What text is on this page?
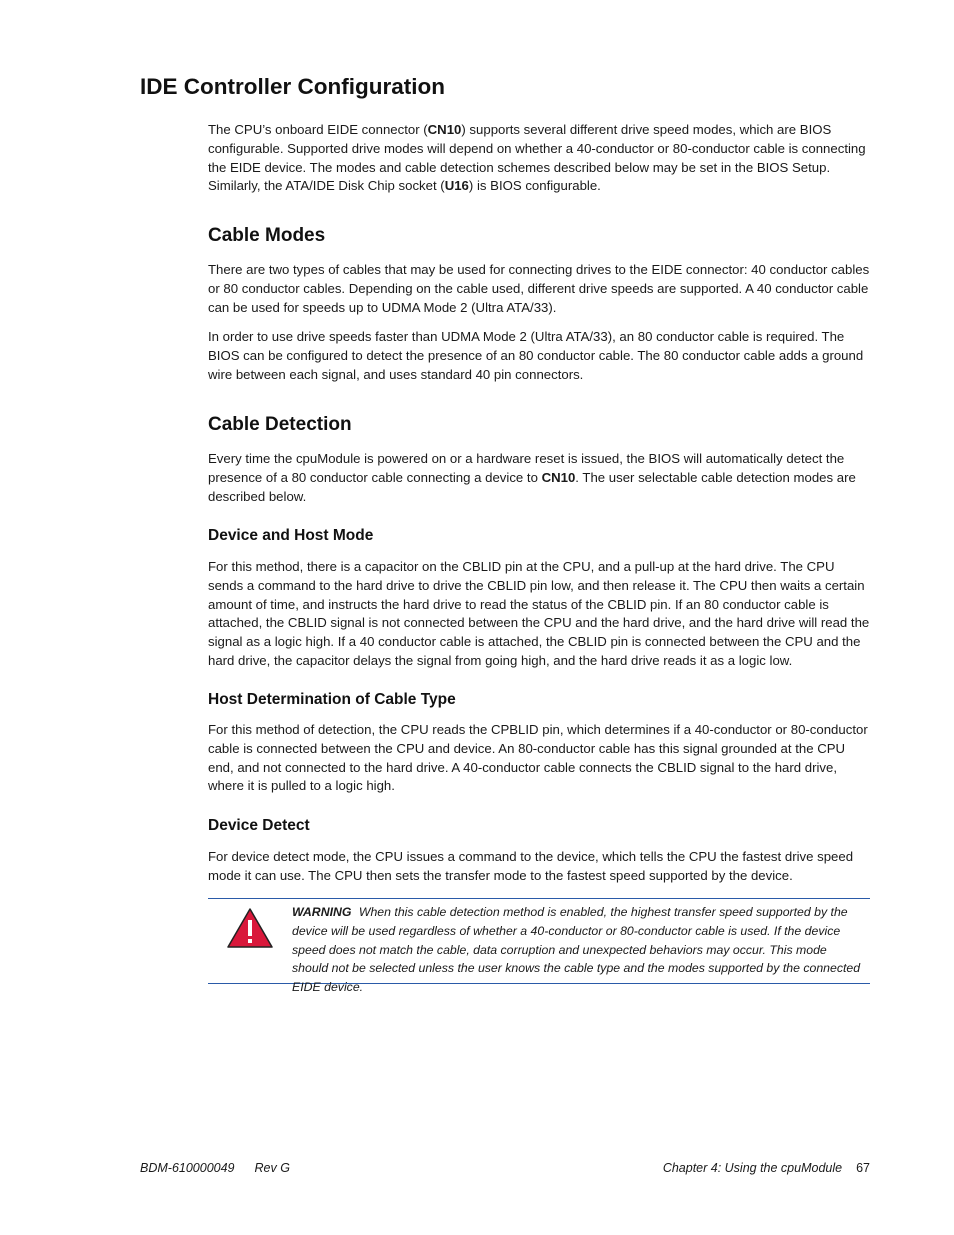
IDE Controller Configuration

The CPU’s onboard EIDE connector (CN10) supports several different drive speed modes, which are BIOS configurable. Supported drive modes will depend on whether a 40-conductor or 80-conductor cable is connecting the EIDE device. The modes and cable detection schemes described below may be set in the BIOS Setup. Similarly, the ATA/IDE Disk Chip socket (U16) is BIOS configurable.

Cable Modes

There are two types of cables that may be used for connecting drives to the EIDE connector: 40 conductor cables or 80 conductor cables. Depending on the cable used, different drive speeds are supported. A 40 conductor cable can be used for speeds up to UDMA Mode 2 (Ultra ATA/33).

In order to use drive speeds faster than UDMA Mode 2 (Ultra ATA/33), an 80 conductor cable is required. The BIOS can be configured to detect the presence of an 80 conductor cable. The 80 conductor cable adds a ground wire between each signal, and uses standard 40 pin connectors.

Cable Detection

Every time the cpuModule is powered on or a hardware reset is issued, the BIOS will automatically detect the presence of a 80 conductor cable connecting a device to CN10. The user selectable cable detection modes are described below.

Device and Host Mode

For this method, there is a capacitor on the CBLID pin at the CPU, and a pull-up at the hard drive. The CPU sends a command to the hard drive to drive the CBLID pin low, and then release it. The CPU then waits a certain amount of time, and instructs the hard drive to read the status of the CBLID pin. If an 80 conductor cable is attached, the CBLID signal is not connected between the CPU and the hard drive, and the hard drive will read the signal as a logic high. If a 40 conductor cable is attached, the CBLID pin is connected between the CPU and the hard drive, the capacitor delays the signal from going high, and the hard drive reads it as a logic low.

Host Determination of Cable Type

For this method of detection, the CPU reads the CPBLID pin, which determines if a 40-conductor or 80-conductor cable is connected between the CPU and device. An 80-conductor cable has this signal grounded at the CPU end, and not connected to the hard drive. A 40-conductor cable connects the CBLID signal to the hard drive, where it is pulled to a logic high.

Device Detect

For device detect mode, the CPU issues a command to the device, which tells the CPU the fastest drive speed mode it can use. The CPU then sets the transfer mode to the fastest speed supported by the device.

WARNING When this cable detection method is enabled, the highest transfer speed supported by the device will be used regardless of whether a 40-conductor or 80-conductor cable is used. If the device speed does not match the cable, data corruption and unexpected behaviors may occur. This mode should not be selected unless the user knows the cable type and the modes supported by the connected EIDE device.

BDM-610000049 Rev G	Chapter 4: Using the cpuModule 67
